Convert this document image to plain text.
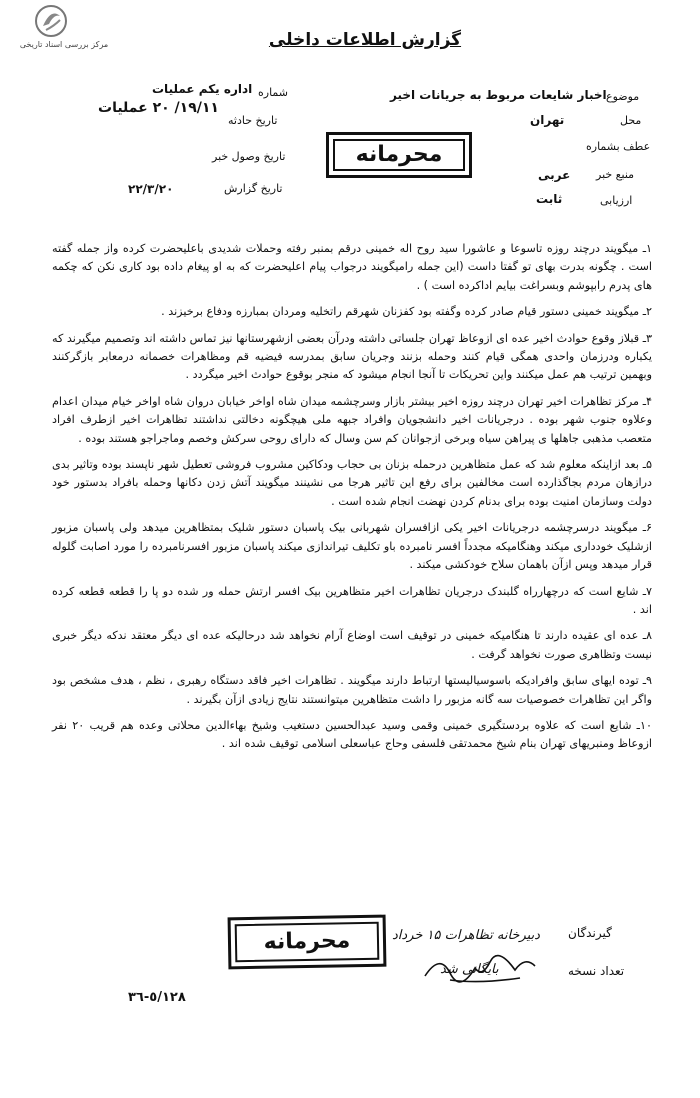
مرکز بررسی اسناد تاریخی	گزارش اطلاعات داخلی
شماره
اداره یکم عملیات
تاریخ حادثه
۱۹/۱۱/ ۲۰ عملیات
تاریخ وصول خبر
تاریخ گزارش
۲۲/۳/۲۰
موضوع
اخبار شایعات مربوط به جریانات اخیر
محل
تهران
عطف بشماره
منبع خبر
عربی
ارزیابی
ثابت
محرمانه

۱ـ میگویند درچند روزه تاسوعا و عاشورا سید روح اله خمینی درقم بمنبر رفته وحملات شدیدی باعلیحضرت کرده واز جمله گفته است . چگونه بدرت بهای تو گفتا داست (این جمله رامیگویند درجواب پیام اعلیحضرت که به او پیغام داده بود کاری نکن که چکمه های پدرم رابپوشم وبسراغت بیایم اداکرده است ) .

۲ـ میگویند خمینی دستور قیام صادر کرده وگفته بود کفزنان شهرقم راتخلیه ومردان بمبارزه ودفاع برخیزند .

۳ـ قبلاز وقوع حوادث اخیر عده ای ازوعاظ تهران جلساتی داشته ودرآن بعضی ازشهرستانها نیز تماس داشته اند وتصمیم میگیرند که یکباره ودرزمان واحدی همگی قیام کنند وحمله بزنند وجریان سابق بمدرسه فیضیه قم ومظاهرات خصمانه درمعابر بازگرکنند وبهمین ترتیب هم عمل میکنند واین تحریکات تا آنجا انجام میشود که منجر بوقوع حوادث اخیر میگردد .

۴ـ مرکز تظاهرات اخیر تهران درچند روزه اخیر بیشتر بازار وسرچشمه میدان شاه اواخر خیابان دروان شاه اواخر خیام میدان اعدام وعلاوه جنوب شهر بوده . درجریانات اخیر دانشجویان وافراد جبهه ملی هیچگونه دخالتی نداشتند تظاهرات اخیر ازطرف افراد متعصب مذهبی جاهلها ی پیراهن سیاه وبرخی ازجوانان کم سن وسال که دارای روحی سرکش وخصم وماجراجو هستند بوده .

۵ـ بعد ازاینکه معلوم شد که عمل متظاهرین درحمله بزنان بی حجاب ودکاکین مشروب فروشی تعطیل شهر ناپسند بوده وتاثیر بدی درازهان مردم بجاگذارده است مخالفین برای رفع این تاثیر هرجا می نشینند میگویند آتش زدن دکانها وحمله بافراد بدستور خود دولت وسازمان امنیت بوده برای بدنام کردن نهضت انجام شده است .

۶ـ میگویند درسرچشمه درجریانات اخیر یکی ازافسران شهربانی بیک پاسبان دستور شلیک بمتظاهرین میدهد ولی پاسبان مزبور ازشلیک خودداری میکند وهنگامیکه مجدداً افسر نامبرده باو تکلیف تیراندازی میکند پاسبان مزبور افسرنامبرده را مورد اصابت گلوله قرار میدهد وپس ازآن باهمان سلاح خودکشی میکند .

۷ـ شایع است که درچهارراه گلبندک درجریان تظاهرات اخیر متظاهرین بیک افسر ارتش حمله ور شده دو پا را قطعه قطعه کرده اند .

۸ـ عده ای عقیده دارند تا هنگامیکه خمینی در توقیف است اوضاع آرام نخواهد شد درحالیکه عده ای دیگر معتقد ندکه دیگر خبری نیست وتظاهری صورت نخواهد گرفت .

۹ـ توده ایهای سابق وافرادیکه باسوسیالیستها ارتباط دارند میگویند . تظاهرات اخیر فاقد دستگاه رهبری ، نظم ، هدف مشخص بود واگر این تظاهرات خصوصیات سه گانه مزبور را داشت متظاهرین میتوانستند نتایج زیادی ازآن بگیرند .

۱۰ـ شایع است که علاوه بردستگیری خمینی وقمی وسید عبدالحسین دستغیب وشیخ بهاءالدین محلاتی وعده هم قریب ۲۰ نفر ازوعاظ ومنبریهای تهران بنام شیخ محمدتقی فلسفی وحاج عباسعلی اسلامی توقیف شده اند .

گیرندگان
دبیرخانه تظاهرات ۱۵ خرداد
تعداد نسخه
بایگانی شد
محرمانه
٥/١٢٨-٣٦
